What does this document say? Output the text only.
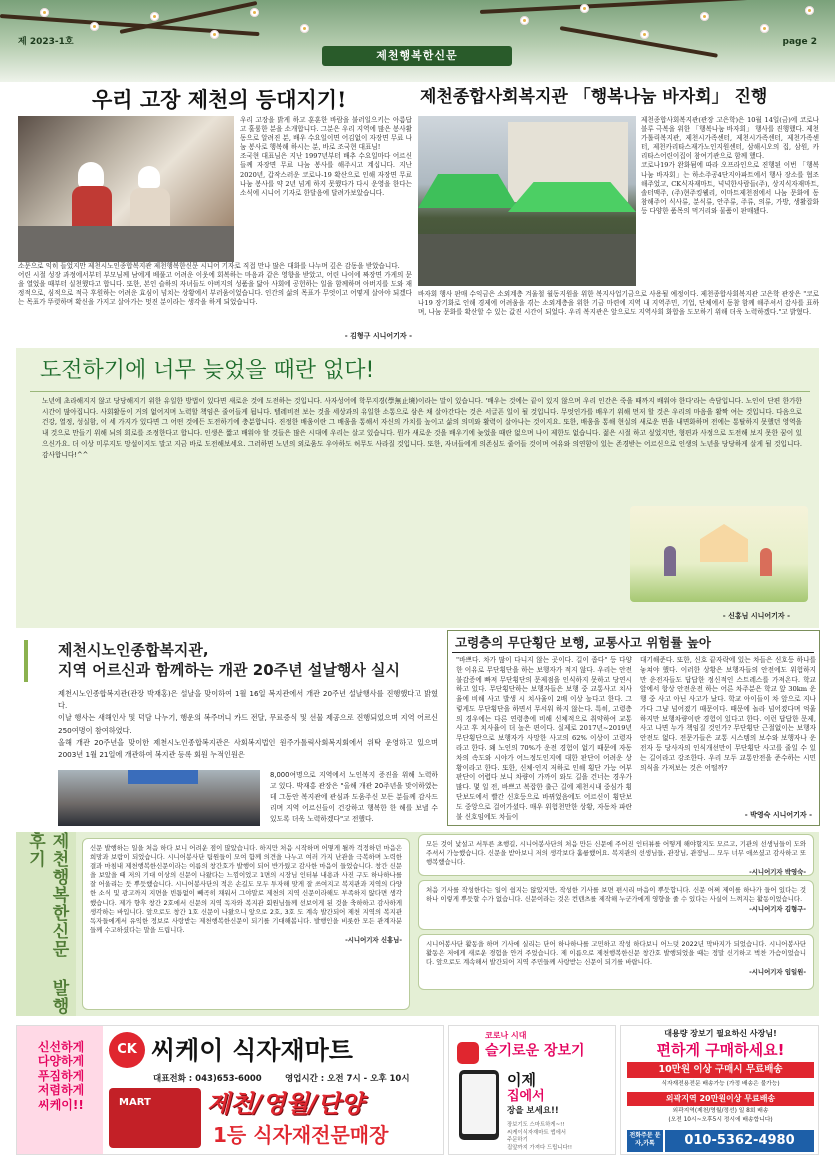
제 2023-1호	page 2
제천행복한신문
우리 고장 제천의 등대지기!

우리 고장을 밝게 하고 훈훈한 바람을 불러일으키는 아름답고 훌륭한 분을 소개합니다. 그분은 우리 지역에 많은 봉사활동으로 알려진 분, 배우 수요일이면 어김없이 자장면 무료 나눔 봉사로 행복해 하시는 분, 바로 조국현 대표님!

조국현 대표님은 지난 1997년부터 배추 수요일마다 어르신들께 자장면 무료 나눔 봉사를 해주시고 계십니다. 지난 2020년, 갑작스러운 코로나-19 확산으로 인해 자장면 무료 나눔 봉사를 약 2년 넘게 하지 못했다가 다시 운영을 한다는 소식에 시니어 기자로 한달음에 달려가보았습니다.

소문으로 익히 들었지만 제천시노인종합복지관 제천행복한신문 시니어 기자로 직접 만나 많은 대화를 나누며 깊은 감동을 받았습니다.

어린 시절 성장 과정에서부터 부모님께 남에게 베풀고 어려운 이웃에 회복하는 마음과 같은 영향을 받았고, 어린 나이에 짜장면 가게의 문을 열었을 때부터 실천했다고 합니다. 또한, 본인 슬하의 자녀들도 아버지의 성품을 닮아 사회에 공헌하는 일을 함께하며 아버지를 도와 재정적으로, 심적으로 적극 후원하는 어려운 효심이 넘치는 상황에서 부러움이었습니다. 인간의 삶의 목표가 무엇이고 어떻게 살아야 되겠다는 목표가 뚜렷하며 확신을 가지고 살아가는 멋진 분이라는 생각을 하게 되었습니다.

- 김형구 시니어기자 -
제천종합사회복지관 「행복나눔 바자회」 진행

제천종합사회복지관(관장 고은학)은 10월 14일(금)에 코로나블루 극복을 위한 「행복나눔 바자회」 행사를 진행했다. 제천가톨릭복지관, 제천시가족센터, 제천시가족센터, 제천가족센터, 제천카리타스재가노인지원센터, 삼해시오의 집, 삼원, 카리타스어린이집이 참여기관으로 함께 했다.

코로나19가 완화됨에 따라 오프라인으로 진행된 이번 「행복나눔 바자회」는 하소주공4단지아파트에서 행사 장소를 협조해주었고, CK식자재마트, 넉넉한사람들(주), 상지식자재마트, 솔터맥주, (주)현주킹웰리, 이마트제천점에서 나눔 문화에 동참해주어 식사류, 분식류, 안주류, 주류, 의류, 가방, 생활잡화 등 다양한 품목의 먹거리와 물품이 판매됐다.

바자회 행사 판매 수익금은 소외계층 겨울철 월동지원을 위한 복지사업기금으로 사용될 예정이다. 제천종합사회복지관 고은학 관장은 "코로나19 장기화로 인해 경제에 어려움을 겪는 소외계층을 위한 기금 마련에 지역 내 지역주민, 기업, 단체에서 동참 함께 해주셔서 감사를 표하며, 나눔 문화를 확산할 수 있는 값진 시간이 되었다. 우리 복지관은 앞으로도 지역사회 화합을 도모하기 위해 더욱 노력하겠다."고 밝혔다.
도전하기에 너무 늦었을 때란 없다!
노년에 초라해지지 않고 당당해지기 위한 유일한 방법이 있다면 새로운 것에 도전하는 것입니다. 사자성어에 학무지경(學無止境)이라는 말이 있습니다. '배우는 것에는 끝이 있지 않으며 우리 인간은 죽을 때까지 배워야 한다'라는 속담입니다. 노인이 단편 한가한 시간이 많아집니다. 사회활동이 거의 없어지며 노력할 책임은 줄어들게 됩니다. 텔레비전 보는 것을 세상과의 유일한 소통으로 삼은 채 살아간다는 것은 서글픈 일이 될 것입니다. 무엇인가를 배우기 위해 먼저 할 것은 우리의 마음을 활짝 여는 것입니다. 다음으로 건강, 열정, 성실함, 이 세 가지가 있다면 그 어떤 것에든 도전하기에 충분합니다. 진정한 배움이란 그 배움을 통해서 자신의 가치를 높이고 삶의 의미와 활력이 살아나는 것이지요. 또한, 배움을 통해 현실의 새로운 면을 내면화하며 전에는 통탈하지 못했던 영역을 내 것으로 만들기 위해 뇌의 회로를 조정한다고 합니다. 인생은 짧고 배워야 할 것들은 많은 시대에 우리는 살고 있습니다. 뭔가 새로운 것을 배우기에 늦었을 때란 없으며 나이 제한도 없습니다. 젊은 시절 하고 싶었지만, 형편과 사정으로 도전해 보지 못한 꿈이 있으신가요. 더 이상 미루지도 망설이지도 말고 지금 바로 도전해보세요. 그러하면 노년의 외로움도 우아하도 허무도 사라질 것입니다. 또한, 자녀들에게 의존심도 줄어들 것이며 여유와 의연함이 있는 존경받는 어르신으로 인생의 노년을 당당하게 살게 될 것입니다. 감사합니다!^^
- 신홍님 시니어기자 -
제천시노인종합복지관,
지역 어르신과 함께하는 개관 20주년 설날행사 실시

제천시노인종합복지관(관장 박재홍)은 설날을 맞이하여 1월 16일 복지관에서 개관 20주년 설날행사를 진행했다고 밝혔다.

이날 행사는 새해인사 및 덕담 나누기, 행운의 복주머니 카드 전달, 무료증식 및 선물 제공으로 진행되었으며 지역 어르신 250여명이 참여하였다.

올해 개관 20주년을 맞이한 제천시노인종합복지관은 사회복지법인 원주가톨릭사회복지회에서 위탁 운영하고 있으며 2003년 1월 21일에 개관하여 복지관 등록 회원 누적인원은

8,000여명으로 지역에서 노인복지 증진을 위해 노력하고 있다. 박재홍 관장은 "올해 개관 20주년을 맞이하였는데 그동안 복지관에 관심과 도움주신 모든 분들께 감사드리며 지역 어르신들이 건강하고 행복한 한 해를 보낼 수 있도록 더욱 노력하겠다"고 전했다.
고령층의 무단횡단 보행, 교통사고 위험률 높아
"바쁘다. 차가 많이 다니지 않는 곳이다. 길이 좁다" 등 다양한 이유로 무단횡단을 하는 보행자가 적지 않다. 우리는 안전불감증에 빠져 무단횡단의 문제점을 인식하지 못하고 당연시하고 있다. 무단횡단하는 보행자들은 보행 중 교통사고 치사율에 비해 사고 발생 시 치사율이 2배 이상 높다고 한다. 그렇게도 무단횡단을 하면서 무서워 하지 않는다. 특히, 고령층의 경우에는 다른 연령층에 비해 신체적으로 취약하여 교통사고 후 치사율이 더 높은 편이다. 실제로 2017년~2019년 무단횡단으로 보행자가 사망한 사고의 62% 이상이 고령자라고 한다. 왜 노인의 70%가 운전 경험이 없기 때문에 자동차의 속도와 시야가 어느정도인지에 대한 판단이 어려운 상황이라고 한다. 또한, 신체·인지 저하로 인해 횡단 가능 여부 판단이 어렵다 보니 차량이 가까이 와도 길을 건너는 경우가 많다. 몇 일 전, 바쁘고 복잡한 출근 길에 제천시내 중심가 횡단보도에서 빨간 신호등으로 바뀌었음에도 어르신이 횡단보도 중앙으로 걸어가셨다. 매우 위험천만한 상황, 자동차 파란불 신호임에도 차들이
대기해준다. 또한, 신호 끝자락에 있는 차들은 신호등 하나를 놓쳐야 했다. 이러한 상황은 보행자들의 안전에도 위험하지만 운전자들도 답답한 정신적인 스트레스를 가져온다. 학교 앞에서 항상 안전운전 하는 어른 차주분은 학교 앞 30km 운행 중 사고 아닌 사고가 났다. 학교 아이들이 차 앞으로 지나가다 그냥 넘어졌기 때문이다. 때문에 놀라 넘어졌다며 억울하지만 보행차량이란 경험이 있다고 한다. 이런 답답한 문제, 사고 나면 누가 책임질 것인가? 무단횡단 근절없이는 보행자 안전도 없다. 전문가들은 교통 시스템의 보수와 보행자나 운전자 등 당사자의 인식개선만이 무단횡단 사고를 줄일 수 있는 길이라고 강조한다. 우리 모두 교통안전을 준수하는 시민의식을 가져보는 것은 어떨까?
- 박영숙 시니어기자 -
제천행복한신문 발행 후기	신문 발행하는 일을 처음 하다 보니 어려운 점이 많았습니다. 하지만 처음 시작하며 어떻게 될까 걱정하던 마음은 희망과 보람이 되었습니다. 시니어봉사단 팀원들이 모여 함께 의견을 나누고 여러 가지 난관을 극복하며 노력한 결과 마침내 제천행복한신문이라는 이름의 창간호가 발행이 되어 반가웠고 감사한 마음이 들었습니다. 창간 신문을 보았을 때 저의 기대 이상의 신문이 나왔다는 느낌이었고 1면의 시장님 인터뷰 내용과 사진 구도 하나하나를 잘 어울리는 듯 뿌듯했습니다. 시니어봉사단의 적은 손길도 모두 투자해 맞게 잘 쓰여지고 복지관과 지역의 다양한 소식 및 광고까지 지면을 빈틈없이 빼곡히 채워서 그야말로 제천의 지역 신문이라해도 부족하지 않다면 생각했습니다. 제가 향후 창간 2호에서 신문의 지역 독자와 복지관 회원님들께 선보이게 된 것을 축하하고 감사하게 생각하는 바입니다. 앞으로도 창간 1호 신문이 나왔으니 앞으로 2호, 3호 도 계속 발간되어 제천 지역의 복지관 독자들에게서 유익한 정보로 사랑받는 제천행복한신문이 되기를 기대해봅니다. 발행인을 비롯한 모든 관계자분들께 수고하셨다는 말을 드립니다.
-시니어기자 신홍님-
모든 것이 낯설고 서투른 초행길, 시니어봉사단의 처음 만든 신문에 주어진 인터뷰를 어떻게 해야할지도 모르고, 기관의 선생님들이 도와주셔서 가능했습니다. 신문을 받아보니 저의 생각보다 훌륭했어요. 복지관의 선생님들, 관장님, 관장님... 모두 너무 애쓰셨고 감사하고 또 행복했습니다.
-시니어기자 박영숙-
처음 기사를 작성한다는 일이 쉽지는 않았지만, 작성한 기사를 보면 편시리 마음이 뿌듯합니다. 신문 어쩌 제이를 하나가 들어 있다는 것 하나 이렇게 뿌듯할 수가 없습니다. 신문이라는 것은 컨텐츠를 제작해 누군가에게 영향을 줄 수 있다는 사실이 느껴지는 활동이었습니다.
-시니어기자 김형구-
시니어봉사단 활동을 하며 기사에 실리는 단어 하나하나를 고민하고 작성 하다보니 어느덧 2022년 막바지가 되었습니다. 시니어봉사단 활동은 저에게 새로운 경험을 안겨 주었습니다. 제 이름으로 제천행복한신문 창간호 발행되었을 때는 정말 신기하고 벅찬 가슴이었습니다. 앞으로도 계속해서 발간되어 지역 주민들께 사랑받는 신문이 되기를 바랍니다.
-시니어기자 임일원-
신선하게
다양하게
푸짐하게
저렴하게
씨케이!!
CK 씨케이 식자재마트
대표전화 : 043)653-6000	영업시간 : 오전 7시 - 오후 10시
MART 제천/영월/단양
1등 식자재전문매장
코로나 시대
슬기로운 장보기
이제
집에서
장을 보세요!!
장보기도 스마트하게~!!
씨케이식자재마트 앱에서
주문하기
집앞까지 가져다 드립니다!!
대용량 장보기 필요하신 사장님!
편하게 구매하세요!
10만원 이상 구매시 무료배송
식자재전용전문 배송가능 (가정 배송은 불가능)
외곽지역 20만원이상 무료배송
외곽지역(제천/영월/정선) 일 8회 배송
(오전 10시~오후5시 정시에 배송합니다)
전화주문 문자,카톡	010-5362-4980
